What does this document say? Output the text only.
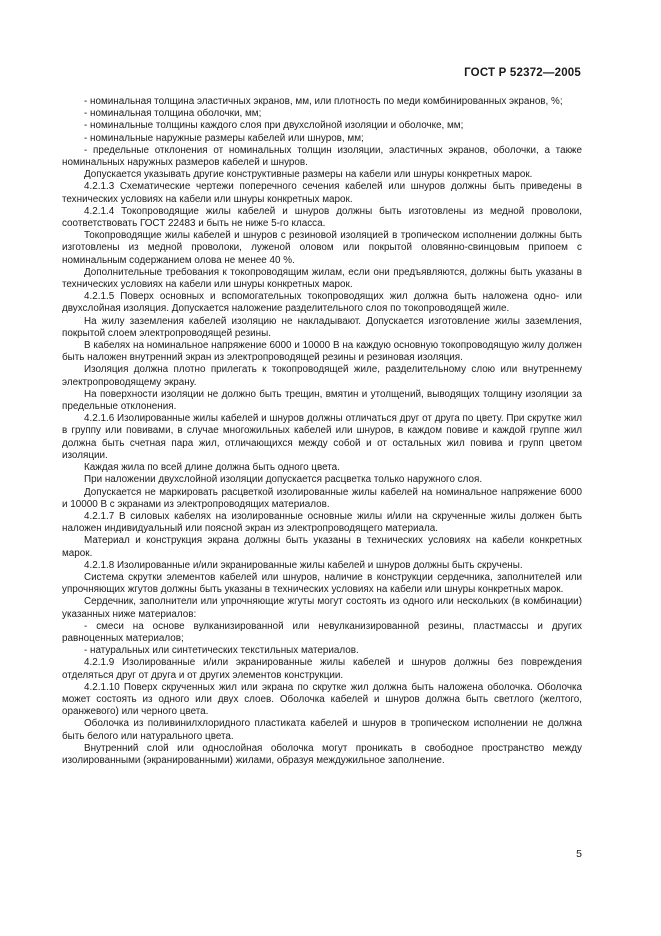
ГОСТ Р 52372—2005

- номинальная толщина эластичных экранов, мм, или плотность по меди комбинированных экранов, %;

- номинальная толщина оболочки, мм;

- номинальные толщины каждого слоя при двухслойной изоляции и оболочке, мм;

- номинальные наружные размеры кабелей или шнуров, мм;

- предельные отклонения от номинальных толщин изоляции, эластичных экранов, оболочки, а также номинальных наружных размеров кабелей и шнуров.

Допускается указывать другие конструктивные размеры на кабели или шнуры конкретных марок.

4.2.1.3 Схематические чертежи поперечного сечения кабелей или шнуров должны быть приведены в технических условиях на кабели или шнуры конкретных марок.

4.2.1.4 Токопроводящие жилы кабелей и шнуров должны быть изготовлены из медной проволоки, соответствовать ГОСТ 22483 и быть не ниже 5-го класса.

Токопроводящие жилы кабелей и шнуров с резиновой изоляцией в тропическом исполнении должны быть изготовлены из медной проволоки, луженой оловом или покрытой оловянно-свинцовым припоем с номинальным содержанием олова не менее 40 %.

Дополнительные требования к токопроводящим жилам, если они предъявляются, должны быть указаны в технических условиях на кабели или шнуры конкретных марок.

4.2.1.5 Поверх основных и вспомогательных токопроводящих жил должна быть наложена одно- или двухслойная изоляция. Допускается наложение разделительного слоя по токопроводящей жиле.

На жилу заземления кабелей изоляцию не накладывают. Допускается изготовление жилы заземления, покрытой слоем электропроводящей резины.

В кабелях на номинальное напряжение 6000 и 10000 В на каждую основную токопроводящую жилу должен быть наложен внутренний экран из электропроводящей резины и резиновая изоляция.

Изоляция должна плотно прилегать к токопроводящей жиле, разделительному слою или внутреннему электропроводящему экрану.

На поверхности изоляции не должно быть трещин, вмятин и утолщений, выводящих толщину изоляции за предельные отклонения.

4.2.1.6 Изолированные жилы кабелей и шнуров должны отличаться друг от друга по цвету. При скрутке жил в группу или повивами, в случае многожильных кабелей или шнуров, в каждом повиве и каждой группе жил должна быть счетная пара жил, отличающихся между собой и от остальных жил повива и групп цветом изоляции.

Каждая жила по всей длине должна быть одного цвета.

При наложении двухслойной изоляции допускается расцветка только наружного слоя.

Допускается не маркировать расцветкой изолированные жилы кабелей на номинальное напряжение 6000 и 10000 В с экранами из электропроводящих материалов.

4.2.1.7 В силовых кабелях на изолированные основные жилы и/или на скрученные жилы должен быть наложен индивидуальный или поясной экран из электропроводящего материала.

Материал и конструкция экрана должны быть указаны в технических условиях на кабели конкретных марок.

4.2.1.8 Изолированные и/или экранированные жилы кабелей и шнуров должны быть скручены.

Система скрутки элементов кабелей или шнуров, наличие в конструкции сердечника, заполнителей или упрочняющих жгутов должны быть указаны в технических условиях на кабели или шнуры конкретных марок.

Сердечник, заполнители или упрочняющие жгуты могут состоять из одного или нескольких (в комбинации) указанных ниже материалов:

- смеси на основе вулканизированной или невулканизированной резины, пластмассы и других равноценных материалов;

- натуральных или синтетических текстильных материалов.

4.2.1.9 Изолированные и/или экранированные жилы кабелей и шнуров должны без повреждения отделяться друг от друга и от других элементов конструкции.

4.2.1.10 Поверх скрученных жил или экрана по скрутке жил должна быть наложена оболочка. Оболочка может состоять из одного или двух слоев. Оболочка кабелей и шнуров должна быть светлого (желтого, оранжевого) или черного цвета.

Оболочка из поливинилхлоридного пластиката кабелей и шнуров в тропическом исполнении не должна быть белого или натурального цвета.

Внутренний слой или однослойная оболочка могут проникать в свободное пространство между изолированными (экранированными) жилами, образуя междужильное заполнение.

5
